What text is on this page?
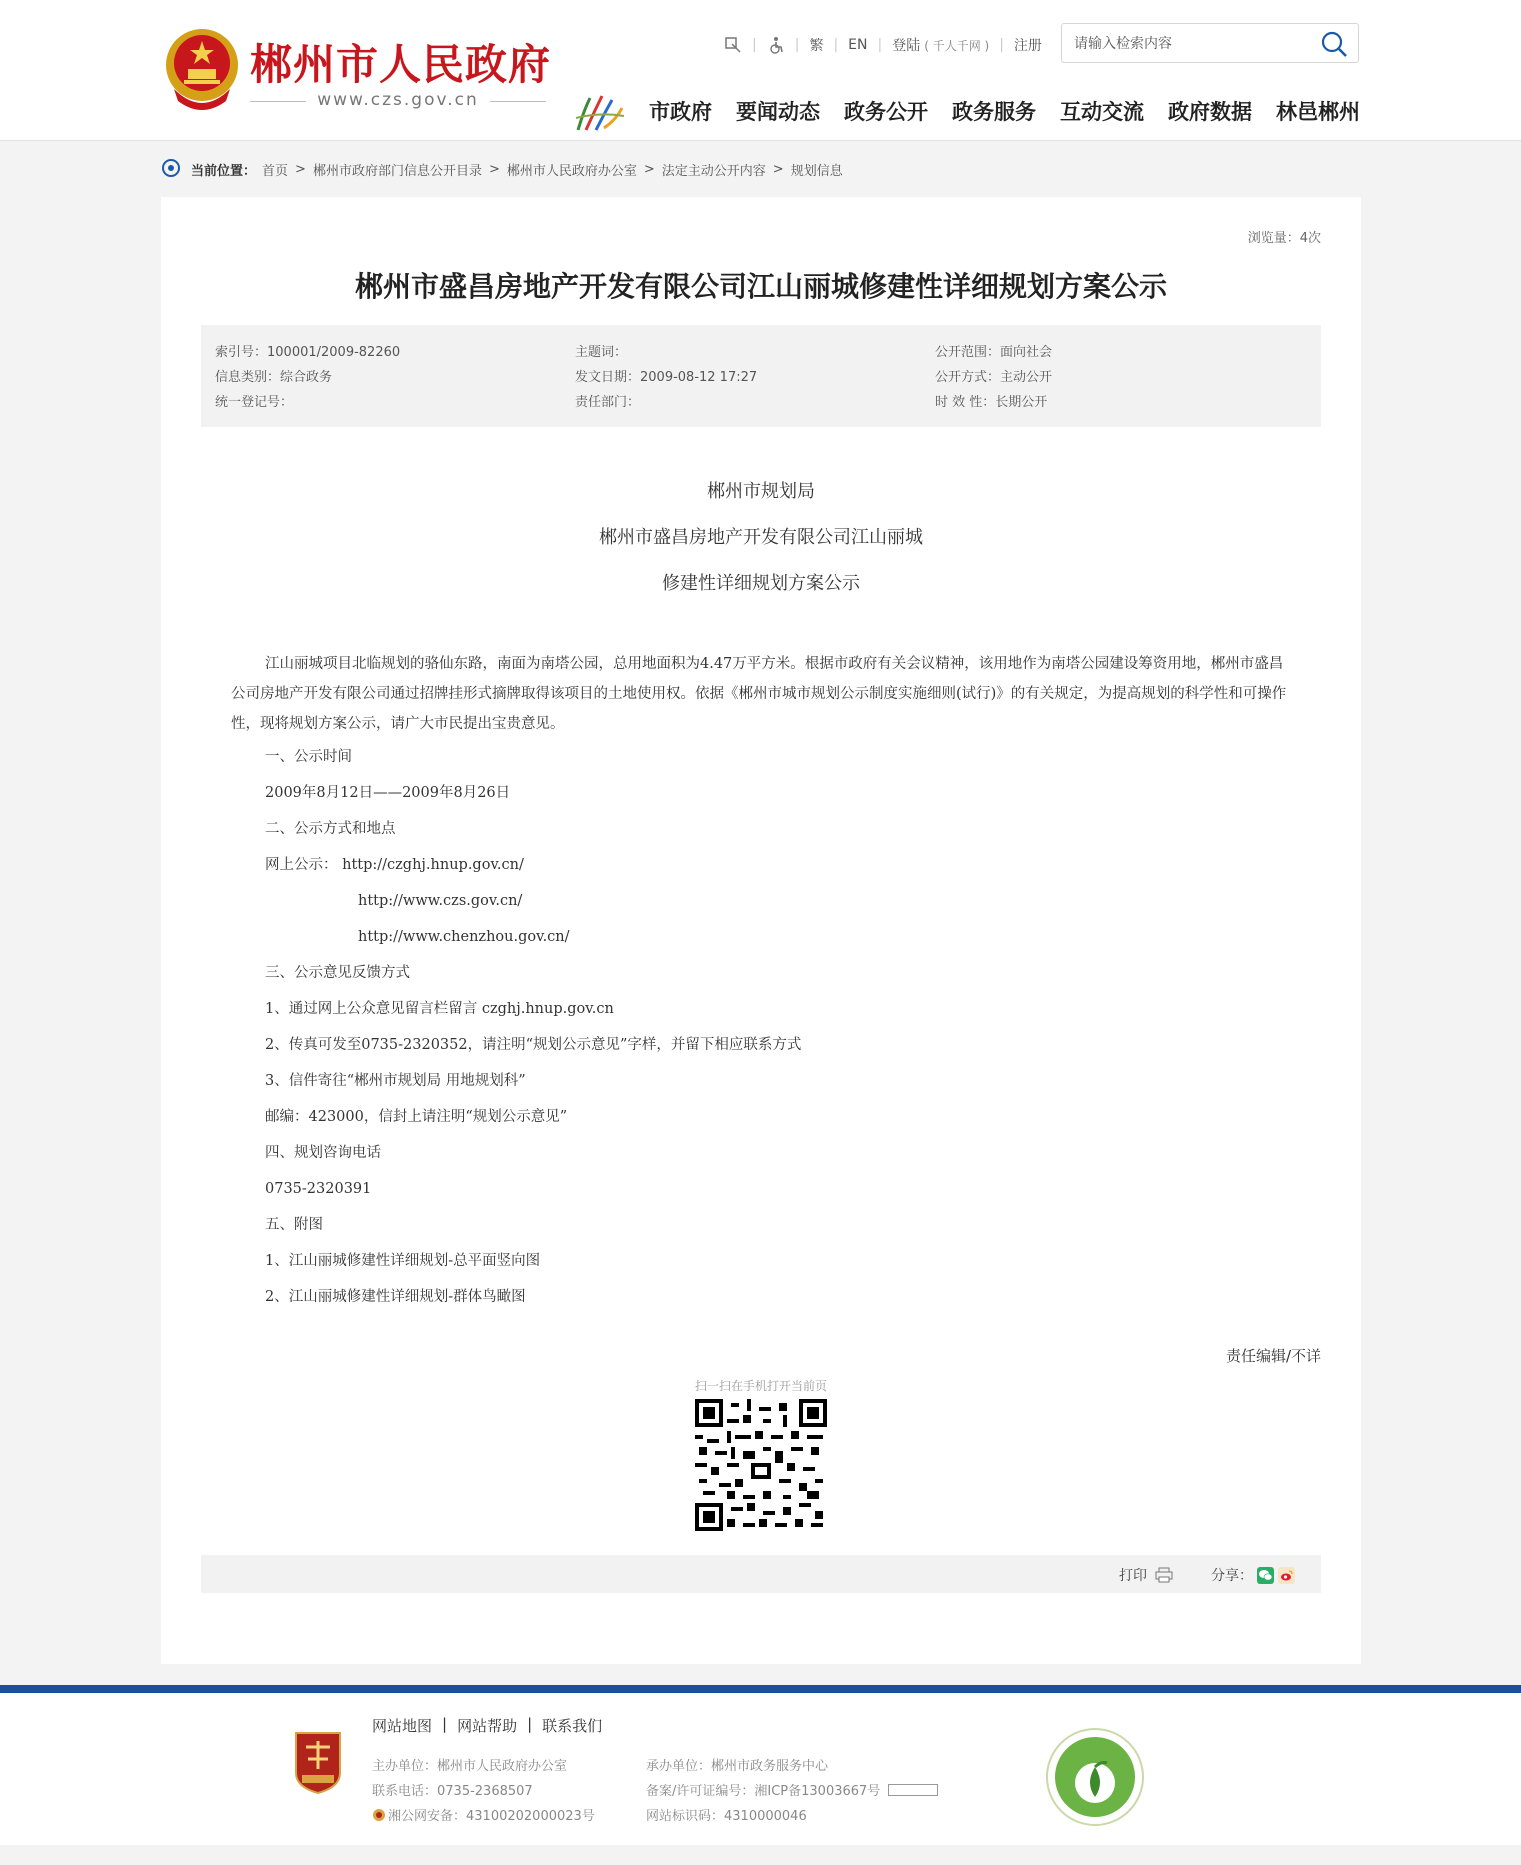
郴州市人民政府
www.czs.gov.cn
|	| 繁 | EN | 登陆 ( 千人千网 ) | 注册
请输入检索内容
市政府 要闻动态 政务公开 政务服务 互动交流 政府数据 林邑郴州
当前位置： 首页 > 郴州市政府部门信息公开目录 > 郴州市人民政府办公室 > 法定主动公开内容 > 规划信息
浏览量：4次
郴州市盛昌房地产开发有限公司江山丽城修建性详细规划方案公示
索引号：100001/2009-82260
信息类别：综合政务
统一登记号：
主题词：
发文日期：2009-08-12 17:27
责任部门：
公开范围：面向社会
公开方式：主动公开
时 效 性：长期公开
郴州市规划局
郴州市盛昌房地产开发有限公司江山丽城
修建性详细规划方案公示

江山丽城项目北临规划的骆仙东路，南面为南塔公园，总用地面积为4.47万平方米。根据市政府有关会议精神，该用地作为南塔公园建设筹资用地，郴州市盛昌公司房地产开发有限公司通过招牌挂形式摘牌取得该项目的土地使用权。依据《郴州市城市规划公示制度实施细则(试行)》的有关规定，为提高规划的科学性和可操作性，现将规划方案公示，请广大市民提出宝贵意见。

一、公示时间

2009年8月12日——2009年8月26日

二、公示方式和地点

网上公示： http://czghj.hnup.gov.cn/

http://www.czs.gov.cn/

http://www.chenzhou.gov.cn/

三、公示意见反馈方式

1、通过网上公众意见留言栏留言 czghj.hnup.gov.cn

2、传真可发至0735-2320352，请注明“规划公示意见”字样，并留下相应联系方式

3、信件寄往“郴州市规划局 用地规划科”

邮编：423000，信封上请注明“规划公示意见”

四、规划咨询电话

0735-2320391

五、附图

1、江山丽城修建性详细规划-总平面竖向图

2、江山丽城修建性详细规划-群体鸟瞰图

责任编辑/不详
扫一扫在手机打开当前页
打印	分享：
网站地图 | 网站帮助 | 联系我们
主办单位：郴州市人民政府办公室
联系电话：0735-2368507
湘公网安备：43100202000023号
承办单位：郴州市政务服务中心
备案/许可证编号：湘ICP备13003667号
网站标识码：4310000046
